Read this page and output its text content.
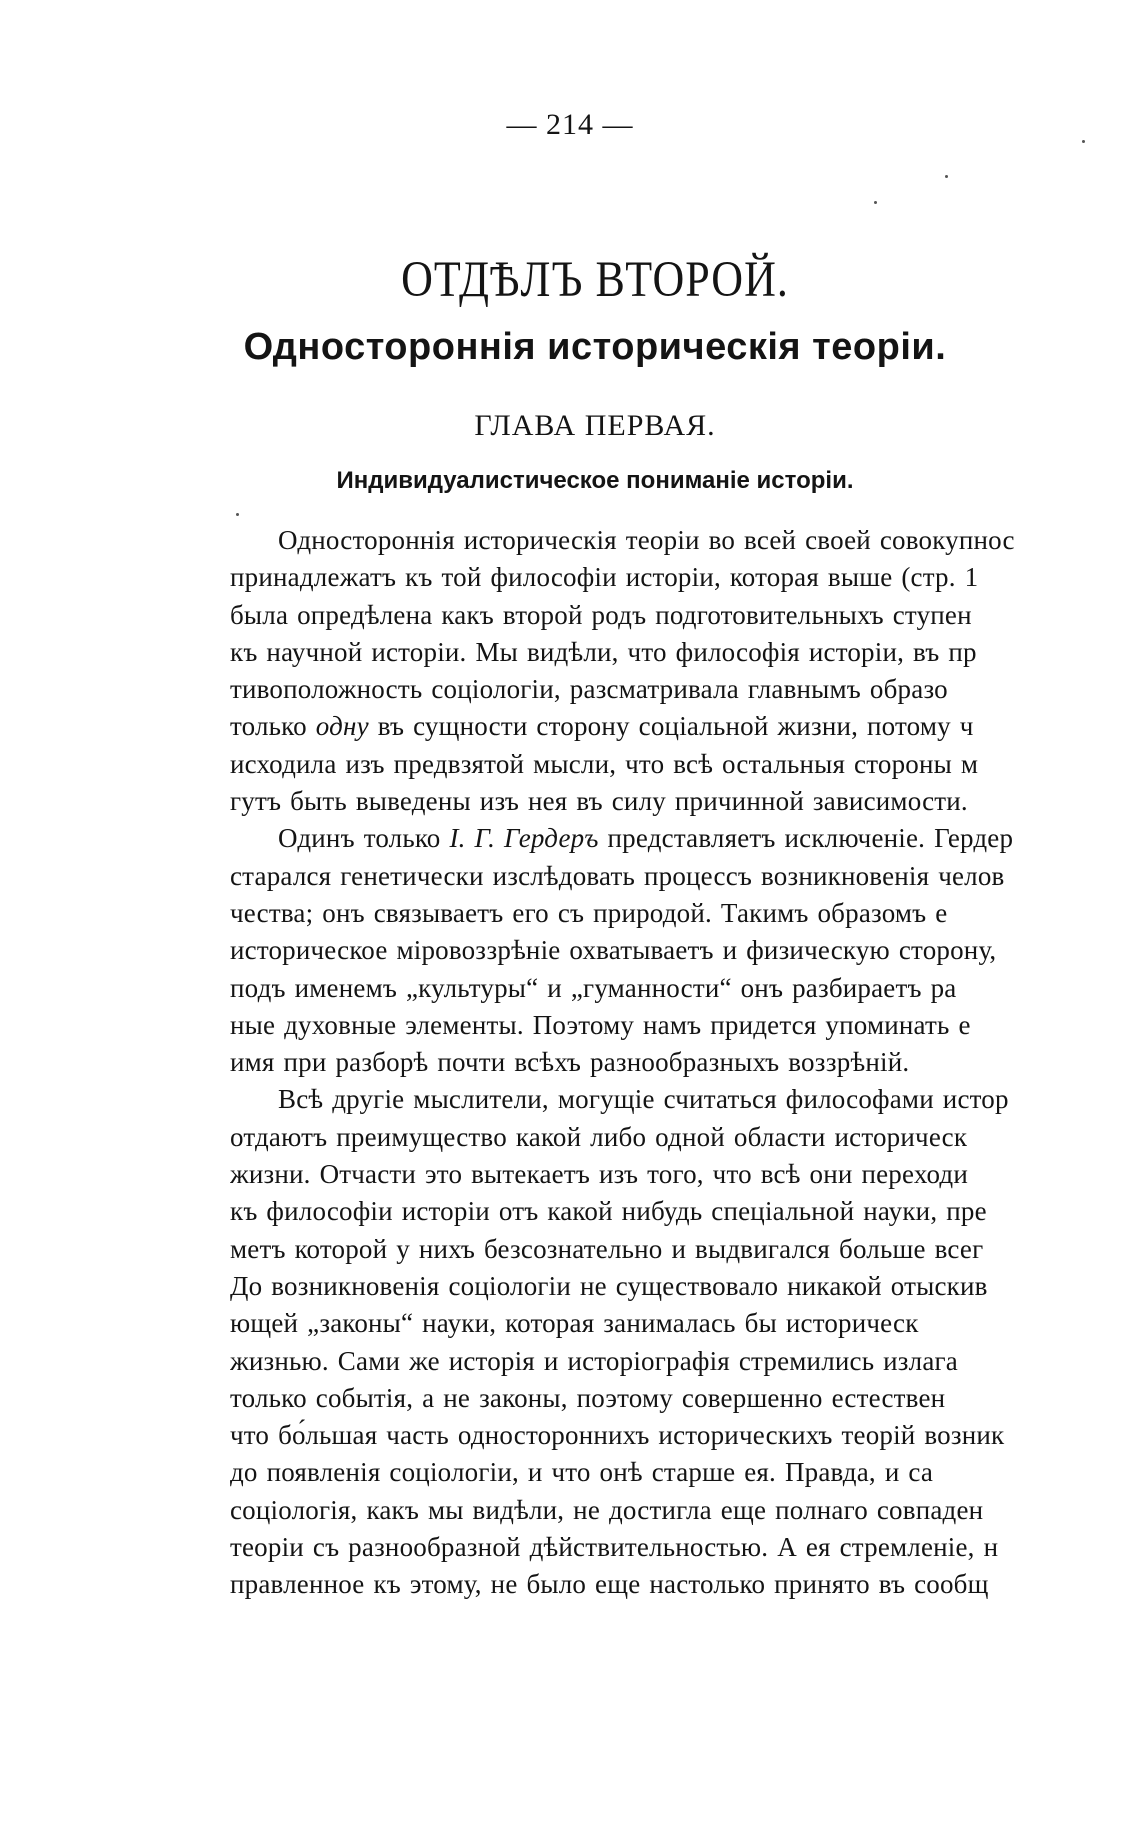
— 214 —
ОТДѢЛЪ ВТОРОЙ.
Одностороннія историческія теоріи.
ГЛАВА ПЕРВАЯ.
Индивидуалистическое пониманіе исторіи.
Одностороннія историческія теоріи во всей своей совокупнос
принадлежатъ къ той философіи исторіи, которая выше (стр. 1
была опредѣлена какъ второй родъ подготовительныхъ ступен
къ научной исторіи. Мы видѣли, что философія исторіи, въ пр
тивоположность соціологіи, разсматривала главнымъ образо
только одну въ сущности сторону соціальной жизни, потому ч
исходила изъ предвзятой мысли, что всѣ остальныя стороны м
гутъ быть выведены изъ нея въ силу причинной зависимости.
Одинъ только I. Г. Гердеръ представляетъ исключеніе. Гердер
старался генетически изслѣдовать процессъ возникновенія челов
чества; онъ связываетъ его съ природой. Такимъ образомъ е
историческое міровоззрѣніе охватываетъ и физическую сторону,
подъ именемъ „культуры“ и „гуманности“ онъ разбираетъ ра
ные духовные элементы. Поэтому намъ придется упоминать е
имя при разборѣ почти всѣхъ разнообразныхъ воззрѣній.
Всѣ другіе мыслители, могущіе считаться философами истор
отдаютъ преимущество какой либо одной области историческ
жизни. Отчасти это вытекаетъ изъ того, что всѣ они переходи
къ философіи исторіи отъ какой нибудь спеціальной науки, пре
метъ которой у нихъ безсознательно и выдвигался больше всег
До возникновенія соціологіи не существовало никакой отыскив
ющей „законы“ науки, которая занималась бы историческ
жизнью. Сами же исторія и исторіографія стремились излага
только событія, а не законы, поэтому совершенно естествен
что бо́льшая часть одностороннихъ историческихъ теорій возник
до появленія соціологіи, и что онѣ старше ея. Правда, и са
соціологія, какъ мы видѣли, не достигла еще полнаго совпаден
теоріи съ разнообразной дѣйствительностью. А ея стремленіе, н
правленное къ этому, не было еще настолько принято въ сообщ
